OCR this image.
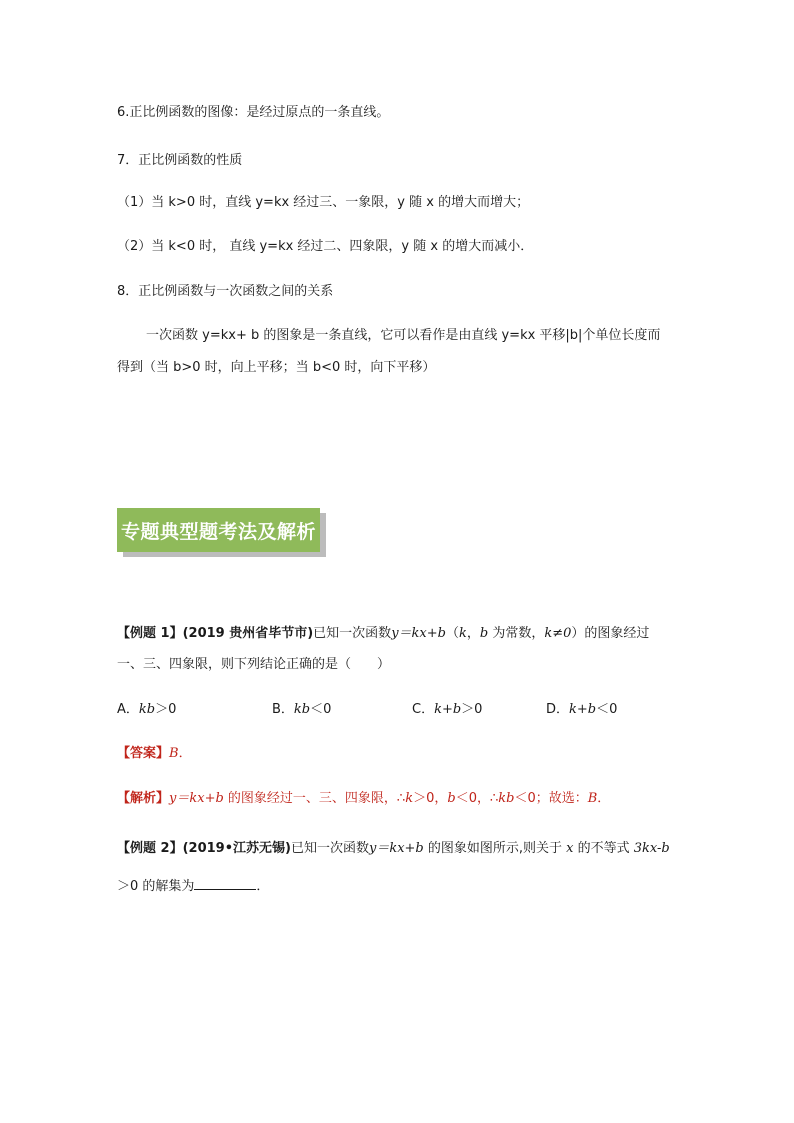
6.正比例函数的图像：是经过原点的一条直线。
7．正比例函数的性质
（1）当 k>0 时，直线 y=kx 经过三、一象限，y 随 x 的增大而增大；
（2）当 k<0 时， 直线 y=kx 经过二、四象限，y 随 x 的增大而减小．
8．正比例函数与一次函数之间的关系
一次函数 y=kx+ b 的图象是一条直线，它可以看作是由直线 y=kx 平移|b|个单位长度而
得到（当 b>0 时，向上平移；当 b<0 时，向下平移）
专题典型题考法及解析
【例题 1】(2019 贵州省毕节市)已知一次函数y＝kx+b（k，b 为常数，k≠0）的图象经过
一、三、四象限，则下列结论正确的是（　　）
A．kb＞0	B．kb＜0	C．k+b＞0	D．k+b＜0
【答案】B．
【解析】y＝kx+b 的图象经过一、三、四象限，∴k＞0，b＜0，∴kb＜0；故选：B．
【例题 2】(2019•江苏无锡)已知一次函数y＝kx+b 的图象如图所示,则关于 x 的不等式 3kx-b
＞0 的解集为	．
